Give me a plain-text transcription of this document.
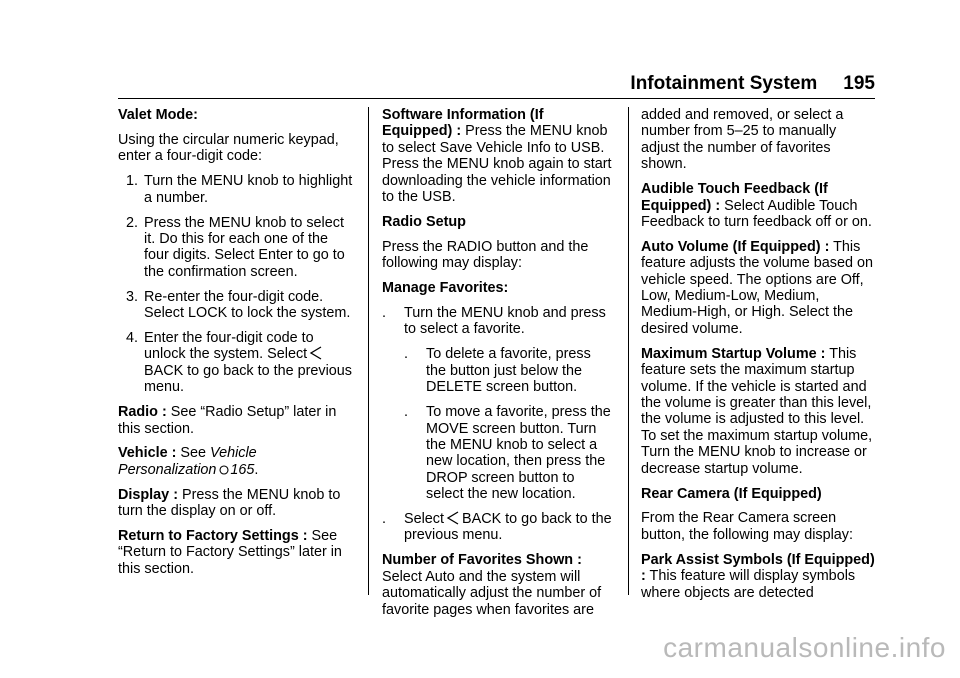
Infotainment System 195

Valet Mode:

Using the circular numeric keypad, enter a four-digit code:

1. Turn the MENU knob to highlight a number.
2. Press the MENU knob to select it. Do this for each one of the four digits. Select Enter to go to the confirmation screen.
3. Re-enter the four-digit code. Select LOCK to lock the system.
4. Enter the four-digit code to unlock the system. SelectBACK to go back to the previous menu.

Radio : See “Radio Setup” later in this section.

Vehicle : See Vehicle Personalization 165.

Display : Press the MENU knob to turn the display on or off.

Return to Factory Settings : See “Return to Factory Settings” later in this section.

Software Information (If Equipped) : Press the MENU knob to select Save Vehicle Info to USB. Press the MENU knob again to start downloading the vehicle information to the USB.

Radio Setup

Press the RADIO button and the following may display:

Manage Favorites:

.	Turn the MENU knob and press to select a favorite.
.	To delete a favorite, press the button just below the DELETE screen button.
.	To move a favorite, press the MOVE screen button. Turn the MENU knob to select a new location, then press the DROP screen button to select the new location.
.	Select BACK to go back to the previous menu.

Number of Favorites Shown : Select Auto and the system will automatically adjust the number of favorite pages when favorites are

added and removed, or select a number from 5–25 to manually adjust the number of favorites shown.

Audible Touch Feedback (If Equipped) : Select Audible Touch Feedback to turn feedback off or on.

Auto Volume (If Equipped) : This feature adjusts the volume based on vehicle speed. The options are Off, Low, Medium-Low, Medium, Medium-High, or High. Select the desired volume.

Maximum Startup Volume : This feature sets the maximum startup volume. If the vehicle is started and the volume is greater than this level, the volume is adjusted to this level. To set the maximum startup volume, Turn the MENU knob to increase or decrease startup volume.

Rear Camera (If Equipped)

From the Rear Camera screen button, the following may display:

Park Assist Symbols (If Equipped) : This feature will display symbols where objects are detected

carmanualsonline.info
